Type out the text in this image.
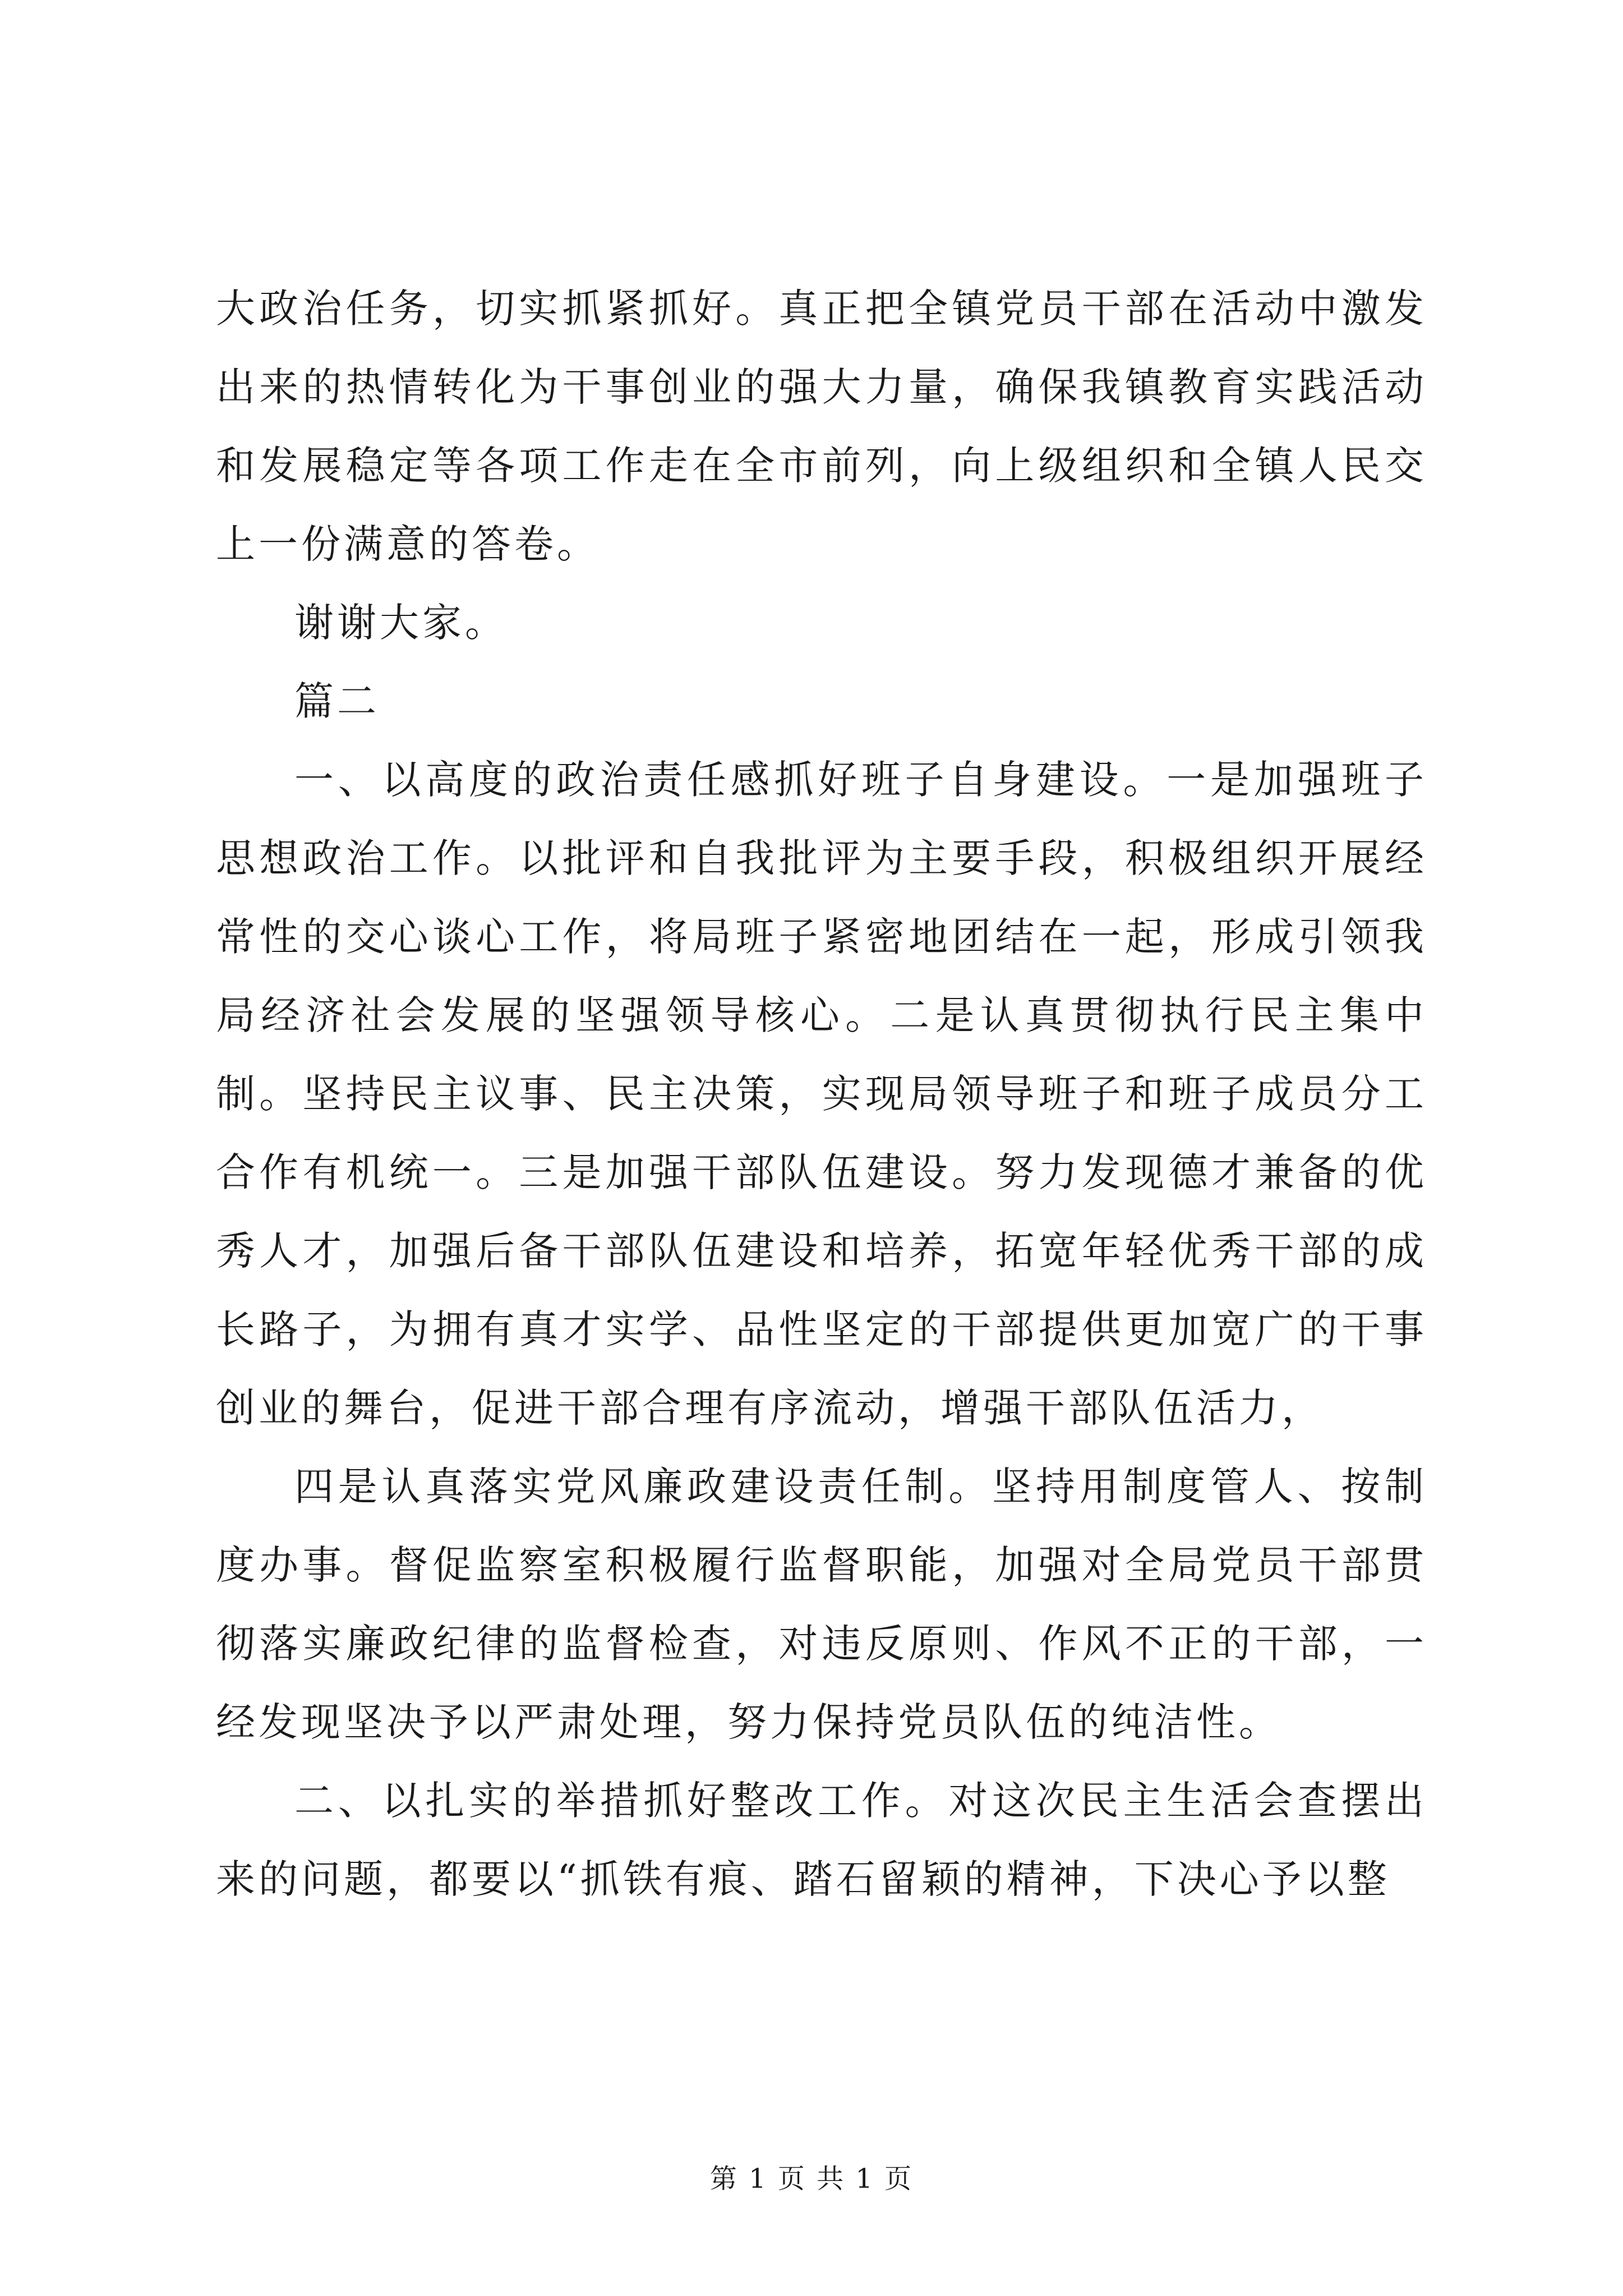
大政治任务，切实抓紧抓好。真正把全镇党员干部在活动中激发出来的热情转化为干事创业的强大力量，确保我镇教育实践活动和发展稳定等各项工作走在全市前列，向上级组织和全镇人民交上一份满意的答卷。

谢谢大家。

篇二

一、以高度的政治责任感抓好班子自身建设。一是加强班子思想政治工作。以批评和自我批评为主要手段，积极组织开展经常性的交心谈心工作，将局班子紧密地团结在一起，形成引领我局经济社会发展的坚强领导核心。二是认真贯彻执行民主集中制。坚持民主议事、民主决策，实现局领导班子和班子成员分工合作有机统一。三是加强干部队伍建设。努力发现德才兼备的优秀人才，加强后备干部队伍建设和培养，拓宽年轻优秀干部的成长路子，为拥有真才实学、品性坚定的干部提供更加宽广的干事创业的舞台，促进干部合理有序流动，增强干部队伍活力，

四是认真落实党风廉政建设责任制。坚持用制度管人、按制度办事。督促监察室积极履行监督职能，加强对全局党员干部贯彻落实廉政纪律的监督检查，对违反原则、作风不正的干部，一经发现坚决予以严肃处理，努力保持党员队伍的纯洁性。

二、以扎实的举措抓好整改工作。对这次民主生活会查摆出来的问题，都要以“抓铁有痕、踏石留颖的精神，下决心予以整

第 1 页 共 1 页
